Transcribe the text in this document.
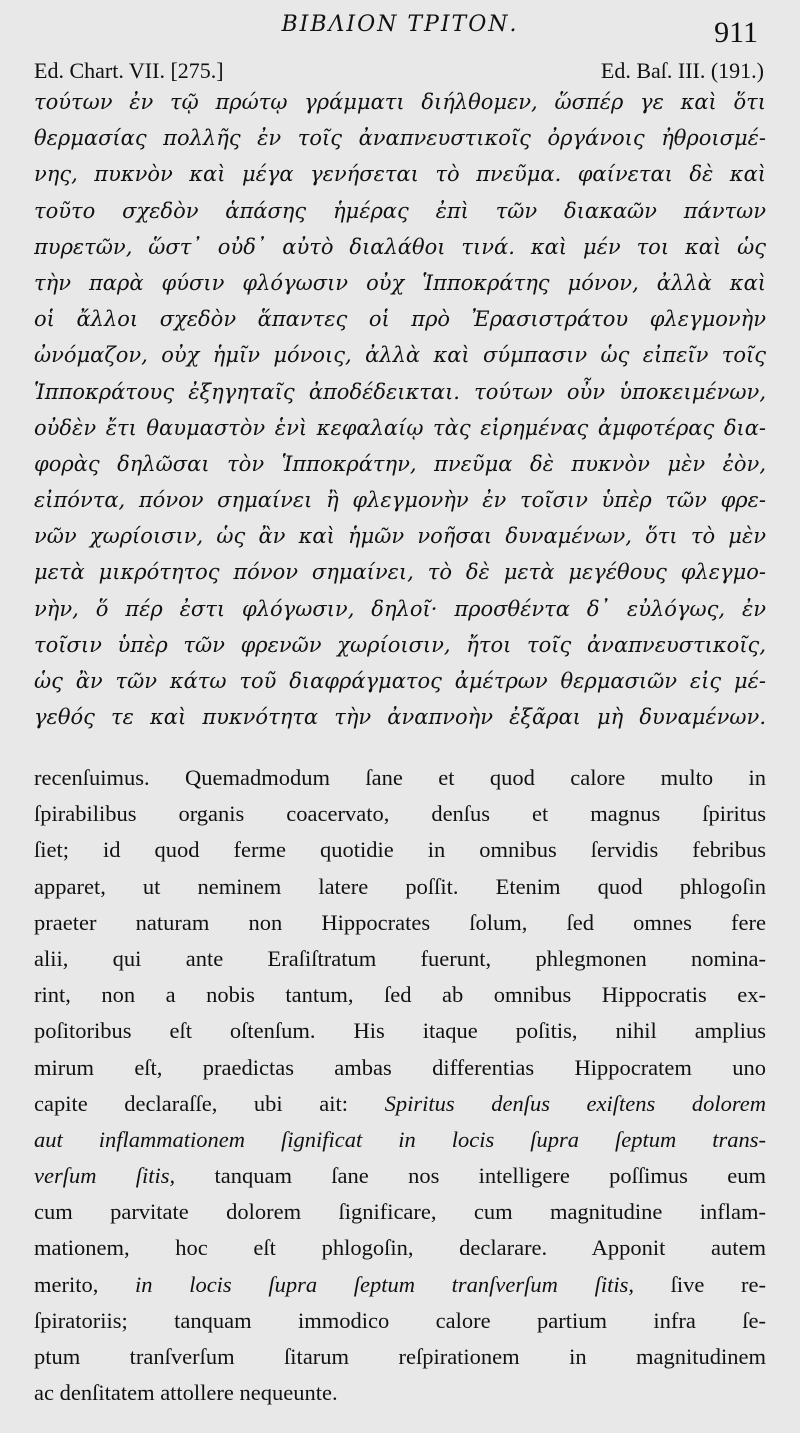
ΒΙΒΛΙΟΝ ΤΡΙΤΟΝ.	911
Ed. Chart. VII. [275.]	Ed. Baſ. III. (191.)
τούτων ἐν τῷ πρώτῳ γράμματι διήλθομεν, ὥσπέρ γε καὶ ὅτι
θερμασίας πολλῆς ἐν τοῖς ἀναπνευστικοῖς ὀργάνοις ἠθροισμέ-
νης, πυκνὸν καὶ μέγα γενήσεται τὸ πνεῦμα. φαίνεται δὲ καὶ
τοῦτο σχεδὸν ἁπάσης ἡμέρας ἐπὶ τῶν διακαῶν πάντων
πυρετῶν, ὥστ᾽ οὐδ᾽ αὐτὸ διαλάθοι τινά. καὶ μέν τοι καὶ ὡς
τὴν παρὰ φύσιν φλόγωσιν οὐχ Ἱπποκράτης μόνον, ἀλλὰ καὶ
οἱ ἄλλοι σχεδὸν ἅπαντες οἱ πρὸ Ἐρασιστράτου φλεγμονὴν
ὠνόμαζον, οὐχ ἡμῖν μόνοις, ἀλλὰ καὶ σύμπασιν ὡς εἰπεῖν τοῖς
Ἱπποκράτους ἐξηγηταῖς ἀποδέδεικται. τούτων οὖν ὑποκειμένων,
οὐδὲν ἔτι θαυμαστὸν ἑνὶ κεφαλαίῳ τὰς εἰρημένας ἀμφοτέρας δια-
φορὰς δηλῶσαι τὸν Ἱπποκράτην, πνεῦμα δὲ πυκνὸν μὲν ἐὸν,
εἰπόντα, πόνον σημαίνει ἢ φλεγμονὴν ἐν τοῖσιν ὑπὲρ τῶν φρε-
νῶν χωρίοισιν, ὡς ἂν καὶ ἡμῶν νοῆσαι δυναμένων, ὅτι τὸ μὲν
μετὰ μικρότητος πόνον σημαίνει, τὸ δὲ μετὰ μεγέθους φλεγμο-
νὴν, ὅ πέρ ἐστι φλόγωσιν, δηλοῖ· προσθέντα δ᾽ εὐλόγως, ἐν
τοῖσιν ὑπὲρ τῶν φρενῶν χωρίοισιν, ἤτοι τοῖς ἀναπνευστικοῖς,
ὡς ἂν τῶν κάτω τοῦ διαφράγματος ἀμέτρων θερμασιῶν εἰς μέ-
γεθός τε καὶ πυκνότητα τὴν ἀναπνοὴν ἐξᾶραι μὴ δυναμένων.
recenſuimus. Quemadmodum ſane et quod calore multo in
ſpirabilibus organis coacervato, denſus et magnus ſpiritus
ſiet; id quod ferme quotidie in omnibus ſervidis febribus
apparet, ut neminem latere poſſit. Etenim quod phlogoſin
praeter naturam non Hippocrates ſolum, ſed omnes fere
alii, qui ante Eraſiſtratum fuerunt, phlegmonen nomina-
rint, non a nobis tantum, ſed ab omnibus Hippocratis ex-
poſitoribus eſt oſtenſum. His itaque poſitis, nihil amplius
mirum eſt, praedictas ambas differentias Hippocratem uno
capite declaraſſe, ubi ait: Spiritus denſus exiſtens dolorem
aut inflammationem ſignificat in locis ſupra ſeptum trans-
verſum ſitis, tanquam ſane nos intelligere poſſimus eum
cum parvitate dolorem ſignificare, cum magnitudine inflam-
mationem, hoc eſt phlogoſin, declarare. Apponit autem
merito, in locis ſupra ſeptum tranſverſum ſitis, ſive re-
ſpiratoriis; tanquam immodico calore partium infra ſe-
ptum tranſverſum ſitarum reſpirationem in magnitudinem
ac denſitatem attollere nequeunte.
